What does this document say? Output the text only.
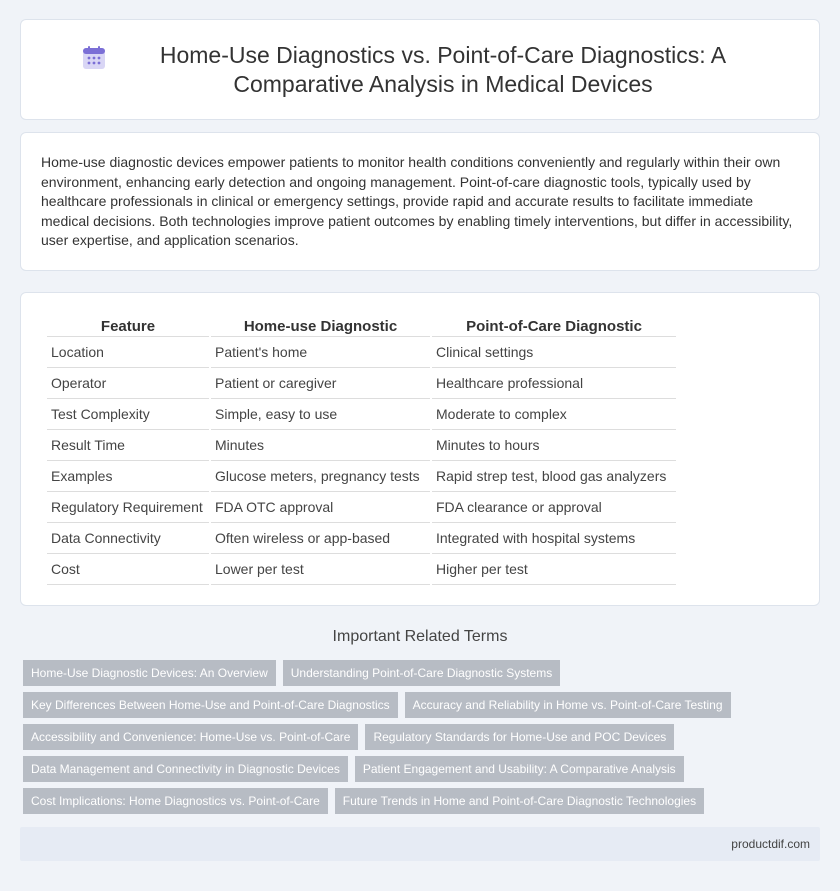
Home-Use Diagnostics vs. Point-of-Care Diagnostics: A Comparative Analysis in Medical Devices

Home-use diagnostic devices empower patients to monitor health conditions conveniently and regularly within their own environment, enhancing early detection and ongoing management. Point-of-care diagnostic tools, typically used by healthcare professionals in clinical or emergency settings, provide rapid and accurate results to facilitate immediate medical decisions. Both technologies improve patient outcomes by enabling timely interventions, but differ in accessibility, user expertise, and application scenarios.

Feature	Home-use Diagnostic	Point-of-Care Diagnostic
Location	Patient's home	Clinical settings
Operator	Patient or caregiver	Healthcare professional
Test Complexity	Simple, easy to use	Moderate to complex
Result Time	Minutes	Minutes to hours
Examples	Glucose meters, pregnancy tests	Rapid strep test, blood gas analyzers
Regulatory Requirement	FDA OTC approval	FDA clearance or approval
Data Connectivity	Often wireless or app-based	Integrated with hospital systems
Cost	Lower per test	Higher per test
Important Related Terms
Home-Use Diagnostic Devices: An Overview	Understanding Point-of-Care Diagnostic Systems
Key Differences Between Home-Use and Point-of-Care Diagnostics	Accuracy and Reliability in Home vs. Point-of-Care Testing
Accessibility and Convenience: Home-Use vs. Point-of-Care	Regulatory Standards for Home-Use and POC Devices
Data Management and Connectivity in Diagnostic Devices	Patient Engagement and Usability: A Comparative Analysis
Cost Implications: Home Diagnostics vs. Point-of-Care	Future Trends in Home and Point-of-Care Diagnostic Technologies
productdif.com
